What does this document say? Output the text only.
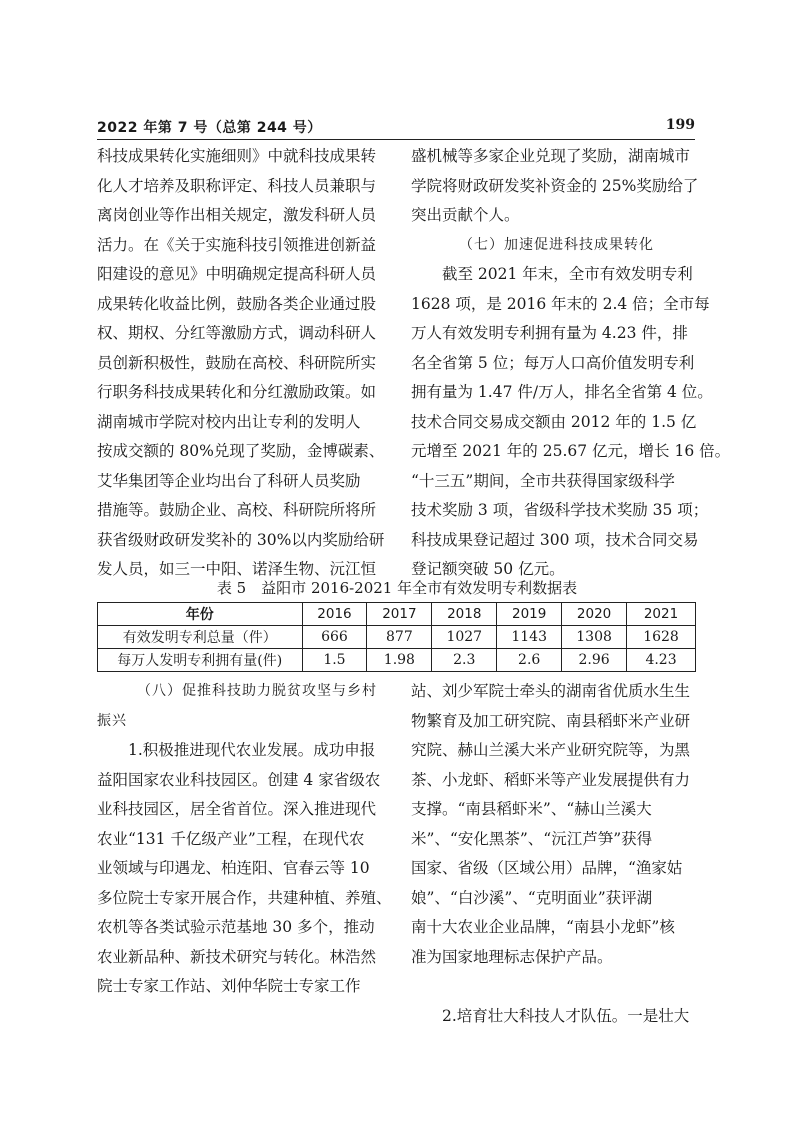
2022 年第 7 号（总第 244 号）	199
科技成果转化实施细则》中就科技成果转
化人才培养及职称评定、科技人员兼职与
离岗创业等作出相关规定，激发科研人员
活力。在《关于实施科技引领推进创新益
阳建设的意见》中明确规定提高科研人员
成果转化收益比例，鼓励各类企业通过股
权、期权、分红等激励方式，调动科研人
员创新积极性，鼓励在高校、科研院所实
行职务科技成果转化和分红激励政策。如
湖南城市学院对校内出让专利的发明人
按成交额的 80%兑现了奖励，金博碳素、
艾华集团等企业均出台了科研人员奖励
措施等。鼓励企业、高校、科研院所将所
获省级财政研发奖补的 30%以内奖励给研
发人员，如三一中阳、诺泽生物、沅江恒
盛机械等多家企业兑现了奖励，湖南城市
学院将财政研发奖补资金的 25%奖励给了
突出贡献个人。
（七）加速促进科技成果转化
　　截至 2021 年末，全市有效发明专利
1628 项，是 2016 年末的 2.4 倍；全市每
万人有效发明专利拥有量为 4.23 件，排
名全省第 5 位；每万人口高价值发明专利
拥有量为 1.47 件/万人，排名全省第 4 位。
技术合同交易成交额由 2012 年的 1.5 亿
元增至 2021 年的 25.67 亿元，增长 16 倍。
“十三五”期间，全市共获得国家级科学
技术奖励 3 项，省级科学技术奖励 35 项；
科技成果登记超过 300 项，技术合同交易
登记额突破 50 亿元。
表 5　益阳市 2016-2021 年全市有效发明专利数据表
年份	2016	2017	2018	2019	2020	2021
有效发明专利总量（件）	666	877	1027	1143	1308	1628
每万人发明专利拥有量(件)	1.5	1.98	2.3	2.6	2.96	4.23
（八）促推科技助力脱贫攻坚与乡村
振兴
　　1.积极推进现代农业发展。成功申报
益阳国家农业科技园区。创建 4 家省级农
业科技园区，居全省首位。深入推进现代
农业“131 千亿级产业”工程，在现代农
业领域与印遇龙、柏连阳、官春云等 10
多位院士专家开展合作，共建种植、养殖、
农机等各类试验示范基地 30 多个，推动
农业新品种、新技术研究与转化。林浩然
院士专家工作站、刘仲华院士专家工作
站、刘少军院士牵头的湖南省优质水生生
物繁育及加工研究院、南县稻虾米产业研
究院、赫山兰溪大米产业研究院等，为黑
茶、小龙虾、稻虾米等产业发展提供有力
支撑。“南县稻虾米”、“赫山兰溪大
米”、“安化黑茶”、“沅江芦笋”获得
国家、省级（区域公用）品牌，“渔家姑
娘”、“白沙溪”、“克明面业”获评湖
南十大农业企业品牌，“南县小龙虾”核
准为国家地理标志保护产品。
　　2.培育壮大科技人才队伍。一是壮大
